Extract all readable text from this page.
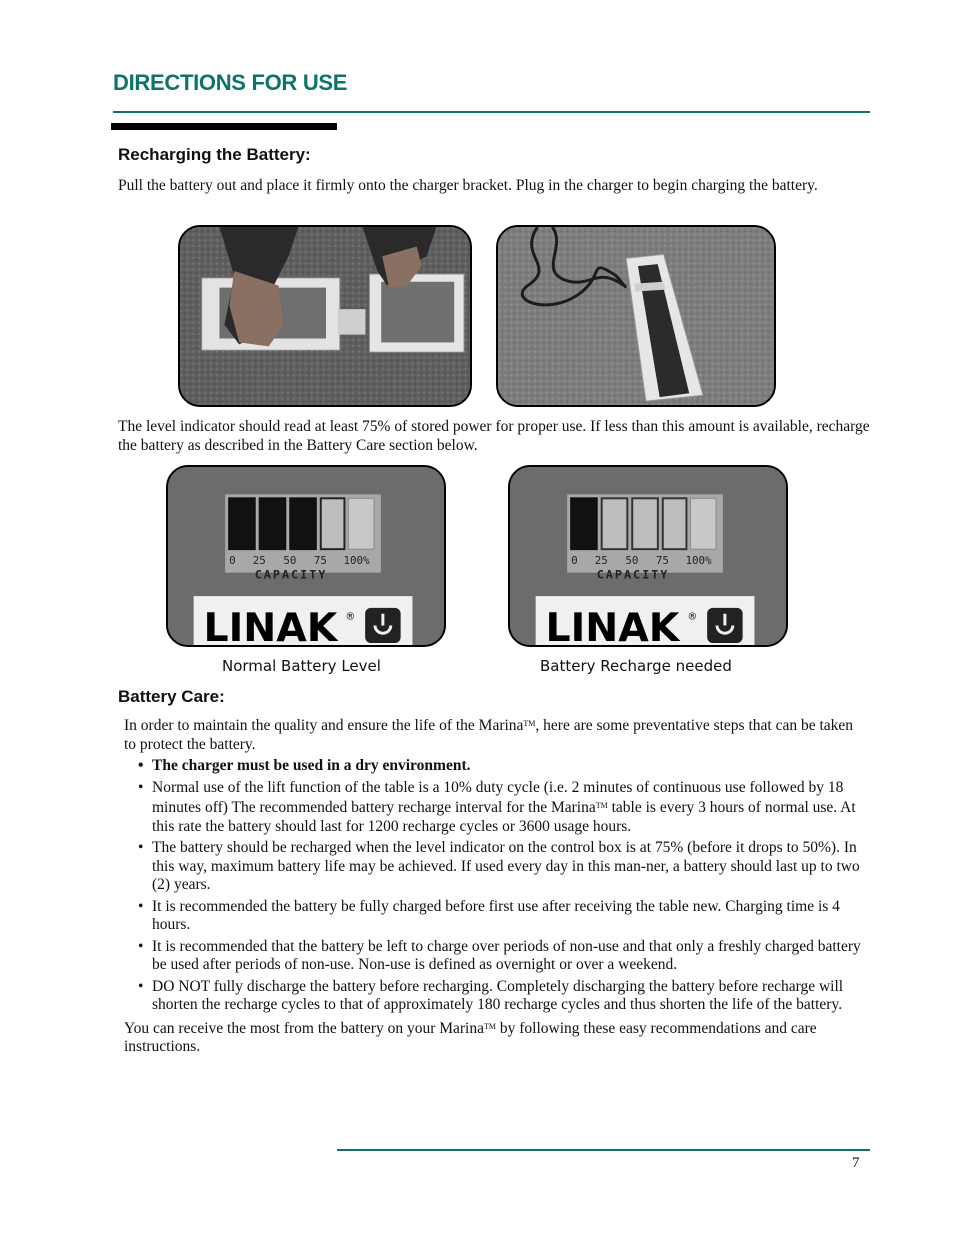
DIRECTIONS FOR USE
Recharging the Battery:
Pull the battery out and place it firmly onto the charger bracket. Plug in the charger to begin charging the battery.
The level indicator should read at least 75% of stored power for proper use. If less than this amount is available, recharge the battery as described in the Battery Care section below.
0 25 50 75 100%
CAPACITY
LINAK ®
0 25 50 75 100%
CAPACITY
LINAK ®
Normal Battery Level	Battery Recharge needed
Battery Care:
In order to maintain the quality and ensure the life of the Marina™, here are some preventative steps that can be taken to protect the battery.
• The charger must be used in a dry environment.
• Normal use of the lift function of the table is a 10% duty cycle (i.e. 2 minutes of continuous use followed by 18 minutes off) The recommended battery recharge interval for the Marina™ table is every 3 hours of normal use. At this rate the battery should last for 1200 recharge cycles or 3600 usage hours.
• The battery should be recharged when the level indicator on the control box is at 75% (before it drops to 50%). In this way, maximum battery life may be achieved. If used every day in this man-ner, a battery should last up to two (2) years.
• It is recommended the battery be fully charged before first use after receiving the table new. Charging time is 4 hours.
• It is recommended that the battery be left to charge over periods of non-use and that only a freshly charged battery be used after periods of non-use. Non-use is defined as overnight or over a weekend.
• DO NOT fully discharge the battery before recharging. Completely discharging the battery before recharge will shorten the recharge cycles to that of approximately 180 recharge cycles and thus shorten the life of the battery.
You can receive the most from the battery on your Marina™ by following these easy recommendations and care instructions.
7
